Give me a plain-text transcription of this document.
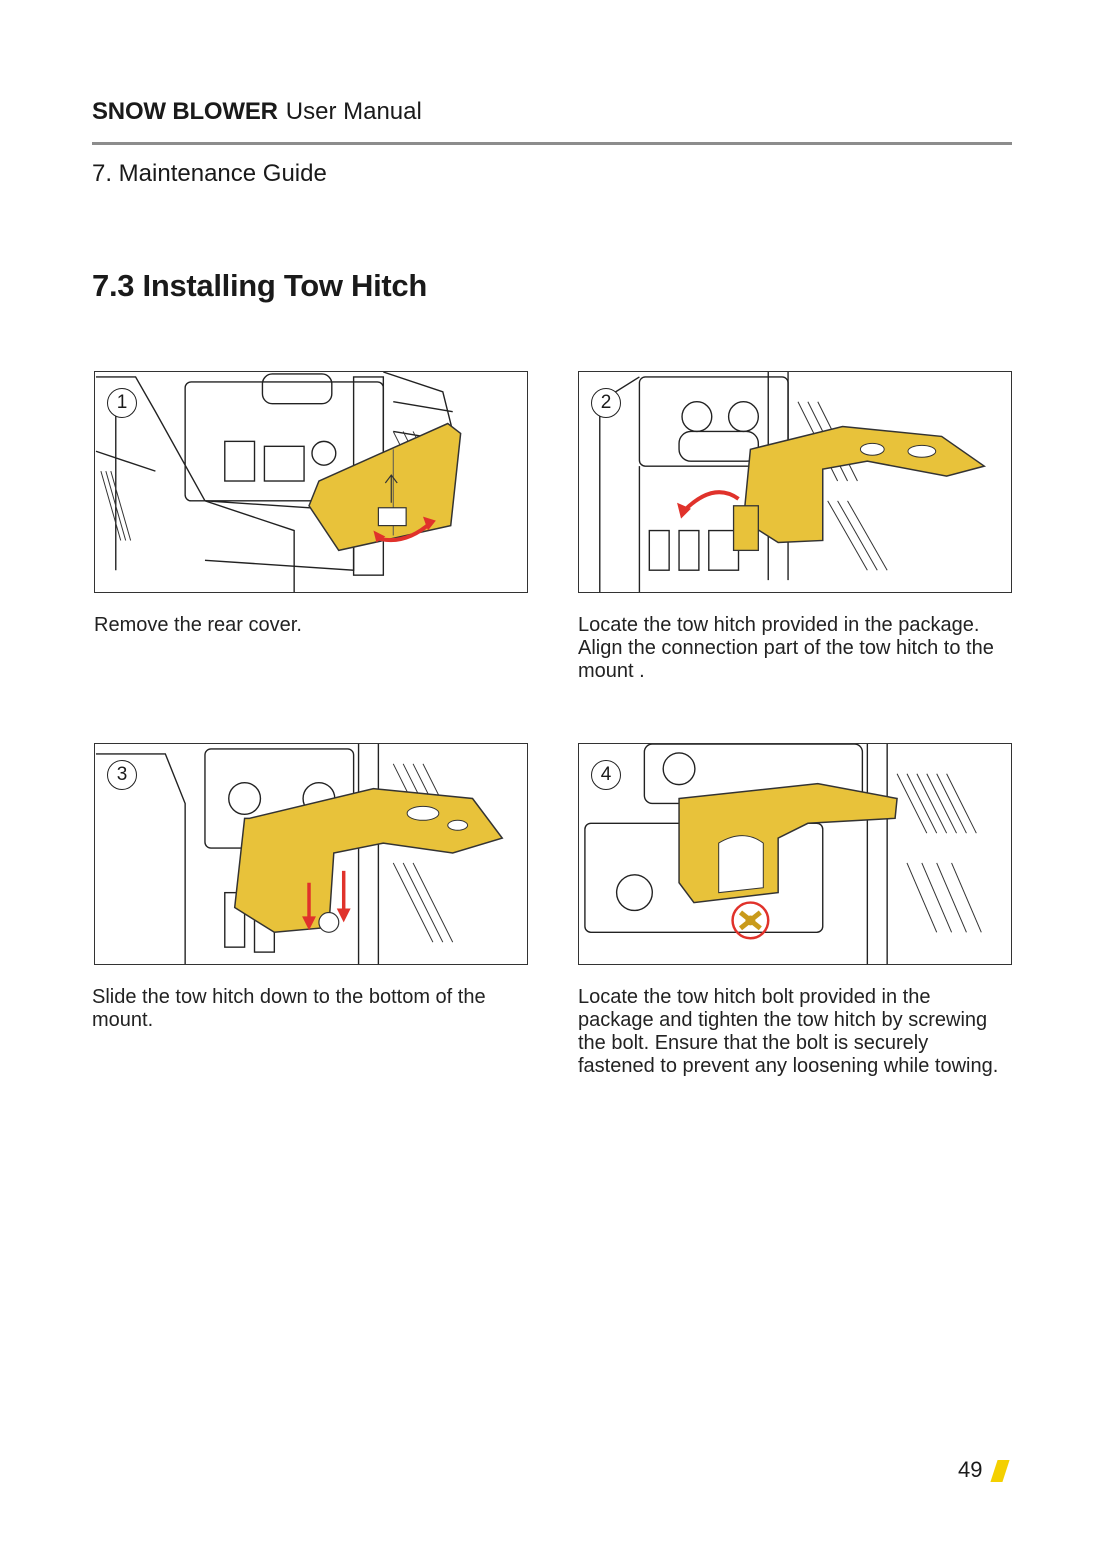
SNOW BLOWER User Manual
7. Maintenance Guide
7.3 Installing Tow Hitch
1
Remove the rear cover.
2
Locate the tow hitch provided in the package. Align the connection part of the tow hitch to the mount .
3
Slide the tow hitch down to the bottom of the mount.
4
Locate the tow hitch bolt provided in the package and tighten the tow hitch by screwing the bolt. Ensure that the bolt is securely fastened to prevent any loosening while towing.
49
